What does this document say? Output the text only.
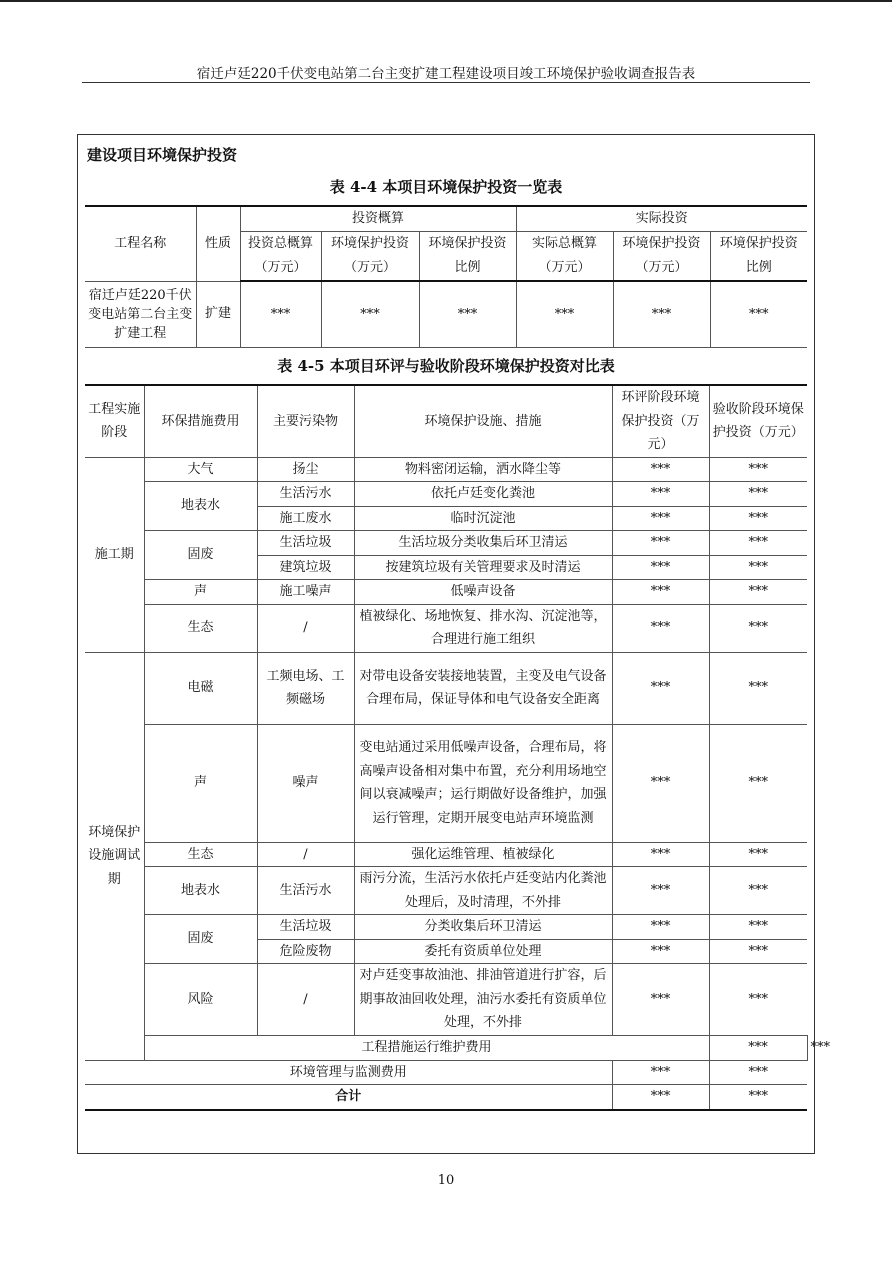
宿迁卢廷220千伏变电站第二台主变扩建工程建设项目竣工环境保护验收调查报告表
建设项目环境保护投资
表 4-4 本项目环境保护投资一览表
工程名称	性质	投资概算			实际投资		
		投资总概算（万元）	环境保护投资（万元）	环境保护投资比例	实际总概算（万元）	环境保护投资（万元）	环境保护投资比例
宿迁卢廷220千伏变电站第二台主变扩建工程	扩建	***	***	***	***	***	***
表 4-5 本项目环评与验收阶段环境保护投资对比表
工程实施阶段	环保措施费用	主要污染物	环境保护设施、措施	环评阶段环境保护投资（万元）	验收阶段环境保护投资（万元）	
施工期	大气	扬尘	物料密闭运输，洒水降尘等	***	***	
	地表水	生活污水	依托卢廷变化粪池	***	***	
		施工废水	临时沉淀池	***	***	
	固废	生活垃圾	生活垃圾分类收集后环卫清运	***	***	
		建筑垃圾	按建筑垃圾有关管理要求及时清运	***	***	
	声	施工噪声	低噪声设备	***	***	
	生态	/	植被绿化、场地恢复、排水沟、沉淀池等，合理进行施工组织	***	***	
环境保护设施调试期	电磁	工频电场、工频磁场	对带电设备安装接地装置，主变及电气设备合理布局，保证导体和电气设备安全距离	***	***	
	声	噪声	变电站通过采用低噪声设备，合理布局，将高噪声设备相对集中布置，充分利用场地空间以衰减噪声；运行期做好设备维护，加强运行管理，定期开展变电站声环境监测	***	***	
	生态	/	强化运维管理、植被绿化	***	***	
	地表水	生活污水	雨污分流，生活污水依托卢廷变站内化粪池处理后，及时清理，不外排	***	***	
	固废	生活垃圾	分类收集后环卫清运	***	***	
		危险废物	委托有资质单位处理	***	***	
	风险	/	对卢廷变事故油池、排油管道进行扩容，后期事故油回收处理，油污水委托有资质单位处理，不外排	***	***	
	工程措施运行维护费用				***	***
环境管理与监测费用				***	***	
合计				***	***	
10
